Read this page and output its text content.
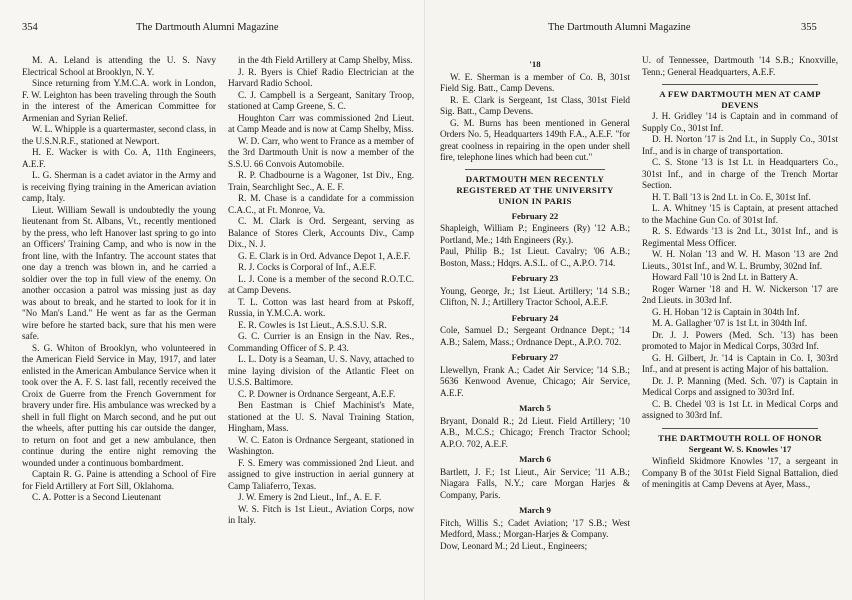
354	The Dartmouth Alumni Magazine

M. A. Leland is attending the U. S. Navy Electrical School at Brooklyn, N. Y.

Since returning from Y.M.C.A. work in London, F. W. Leighton has been traveling through the South in the interest of the American Committee for Armenian and Syrian Relief.

W. L. Whipple is a quartermaster, second class, in the U.S.N.R.F., stationed at Newport.

H. E. Wacker is with Co. A, 11th Engineers, A.E.F.

L. G. Sherman is a cadet aviator in the Army and is receiving flying training in the American aviation camp, Italy.

Lieut. William Sewall is undoubtedly the young lieutenant from St. Albans, Vt., recently mentioned by the press, who left Hanover last spring to go into an Officers' Training Camp, and who is now in the front line, with the Infantry. The account states that one day a trench was blown in, and he carried a soldier over the top in full view of the enemy. On another occasion a patrol was missing just as day was about to break, and he started to look for it in "No Man's Land." He went as far as the German wire before he started back, sure that his men were safe.

S. G. Whiton of Brooklyn, who volunteered in the American Field Service in May, 1917, and later enlisted in the American Ambulance Service when it took over the A. F. S. last fall, recently received the Croix de Guerre from the French Government for bravery under fire. His ambulance was wrecked by a shell in full flight on March second, and he put out the wheels, after putting his car outside the danger, to return on foot and get a new ambulance, then continue during the entire night removing the wounded under a continuous bombardment.

Captain R. G. Paine is attending a School of Fire for Field Artillery at Fort Sill, Oklahoma.

C. A. Potter is a Second Lieutenant

in the 4th Field Artillery at Camp Shelby, Miss.

J. R. Byers is Chief Radio Electrician at the Harvard Radio School.

C. J. Campbell is a Sergeant, Sanitary Troop, stationed at Camp Greene, S. C.

Houghton Carr was commissioned 2nd Lieut. at Camp Meade and is now at Camp Shelby, Miss.

W. D. Carr, who went to France as a member of the 3rd Dartmouth Unit is now a member of the S.S.U. 66 Convois Automobile.

R. P. Chadbourne is a Wagoner, 1st Div., Eng. Train, Searchlight Sec., A. E. F.

R. M. Chase is a candidate for a commission C.A.C., at Ft. Monroe, Va.

C. M. Clark is Ord. Sergeant, serving as Balance of Stores Clerk, Accounts Div., Camp Dix., N. J.

G. E. Clark is in Ord. Advance Depot 1, A.E.F.

R. J. Cocks is Corporal of Inf., A.E.F.

L. J. Cone is a member of the second R.O.T.C. at Camp Devens.

T. L. Cotton was last heard from at Pskoff, Russia, in Y.M.C.A. work.

E. R. Cowles is 1st Lieut., A.S.S.U. S.R.

G. C. Currier is an Ensign in the Nav. Res., Commanding Officer of S. P. 43.

L. L. Doty is a Seaman, U. S. Navy, attached to mine laying division of the Atlantic Fleet on U.S.S. Baltimore.

C. P. Downer is Ordnance Sergeant, A.E.F.

Ben Eastman is Chief Machinist's Mate, stationed at the U. S. Naval Training Station, Hingham, Mass.

W. C. Eaton is Ordnance Sergeant, stationed in Washington.

F. S. Emery was commissioned 2nd Lieut. and assigned to give instruction in aerial gunnery at Camp Taliaferro, Texas.

J. W. Emery is 2nd Lieut., Inf., A. E. F.

W. S. Fitch is 1st Lieut., Aviation Corps, now in Italy.

The Dartmouth Alumni Magazine	355
'18

W. E. Sherman is a member of Co. B, 301st Field Sig. Batt., Camp Devens.

R. E. Clark is Sergeant, 1st Class, 301st Field Sig. Batt., Camp Devens.

G. M. Burns has been mentioned in General Orders No. 5, Headquarters 149th F.A., A.E.F. "for great coolness in repairing in the open under shell fire, telephone lines which had been cut."

DARTMOUTH MEN RECENTLY REGISTERED AT THE UNIVERSITY UNION IN PARIS
February 22

Shapleigh, William P.; Engineers (Ry) '12 A.B.; Portland, Me.; 14th Engineers (Ry.).

Paul, Philip B.; 1st Lieut. Cavalry; '06 A.B.; Boston, Mass.; Hdqrs. A.S.L. of C., A.P.O. 714.

February 23

Young, George, Jr.; 1st Lieut. Artillery; '14 S.B.; Clifton, N. J.; Artillery Tractor School, A.E.F.

February 24

Cole, Samuel D.; Sergeant Ordnance Dept.; '14 A.B.; Salem, Mass.; Ordnance Dept., A.P.O. 702.

February 27

Llewellyn, Frank A.; Cadet Air Service; '14 S.B.; 5636 Kenwood Avenue, Chicago; Air Service, A.E.F.

March 5

Bryant, Donald R.; 2d Lieut. Field Artillery; '10 A.B., M.C.S.; Chicago; French Tractor School; A.P.O. 702, A.E.F.

March 6

Bartlett, J. F.; 1st Lieut., Air Service; '11 A.B.; Niagara Falls, N.Y.; care Morgan Harjes & Company, Paris.

March 9

Fitch, Willis S.; Cadet Aviation; '17 S.B.; West Medford, Mass.; Morgan-Harjes & Company.

Dow, Leonard M.; 2d Lieut., Engineers;

U. of Tennessee, Dartmouth '14 S.B.; Knoxville, Tenn.; General Headquarters, A.E.F.

A FEW DARTMOUTH MEN AT CAMP DEVENS

J. H. Gridley '14 is Captain and in command of Supply Co., 301st Inf.

D. H. Norton '17 is 2nd Lt., in Supply Co., 301st Inf., and is in charge of transportation.

C. S. Stone '13 is 1st Lt. in Headquarters Co., 301st Inf., and in charge of the Trench Mortar Section.

H. T. Ball '13 is 2nd Lt. in Co. E, 301st Inf.

L. A. Whitney '15 is Captain, at present attached to the Machine Gun Co. of 301st Inf.

R. S. Edwards '13 is 2nd Lt., 301st Inf., and is Regimental Mess Officer.

W. H. Nolan '13 and W. H. Mason '13 are 2nd Lieuts., 301st Inf., and W. L. Brumby, 302nd Inf.

Howard Fall '10 is 2nd Lt. in Battery A.

Roger Warner '18 and H. W. Nickerson '17 are 2nd Lieuts. in 303rd Inf.

G. H. Hoban '12 is Captain in 304th Inf.

M. A. Gallagher '07 is 1st Lt. in 304th Inf.

Dr. J. J. Powers (Med. Sch. '13) has been promoted to Major in Medical Corps, 303rd Inf.

G. H. Gilbert, Jr. '14 is Captain in Co. I, 303rd Inf., and at present is acting Major of his battalion.

Dr. J. P. Manning (Med. Sch. '07) is Captain in Medical Corps and assigned to 303rd Inf.

C. B. Chedel '03 is 1st Lt. in Medical Corps and assigned to 303rd Inf.

THE DARTMOUTH ROLL OF HONOR
Sergeant W. S. Knowles '17

Winfield Skidmore Knowles '17, a sergeant in Company B of the 301st Field Signal Battalion, died of meningitis at Camp Devens at Ayer, Mass.,
